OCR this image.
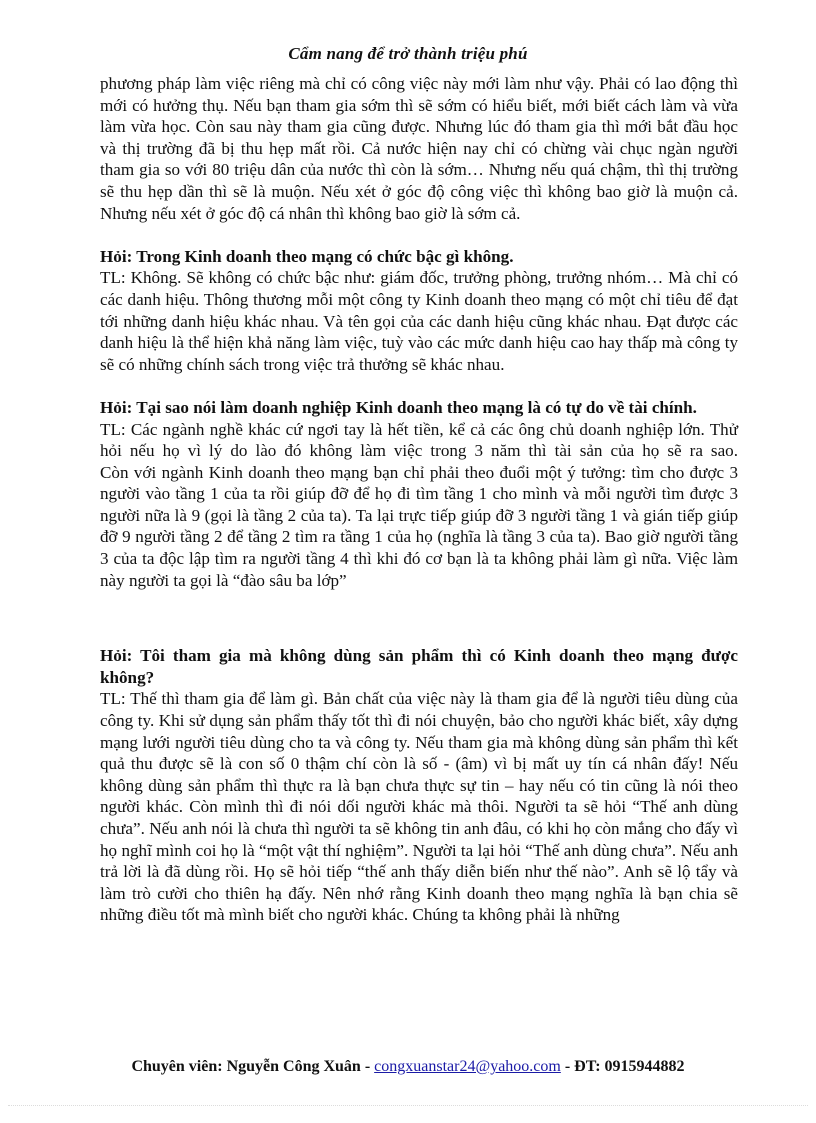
Cẩm nang để trở thành triệu phú

phương pháp làm việc riêng mà chỉ có công việc này mới làm như vậy. Phải có lao động thì mới có hưởng thụ. Nếu bạn tham gia sớm thì sẽ sớm có hiểu biết, mới biết cách làm và vừa làm vừa học. Còn sau này tham gia cũng được. Nhưng lúc đó tham gia thì mới bắt đầu học và thị trường đã bị thu hẹp mất rồi. Cả nước hiện nay chỉ có chừng vài chục ngàn người tham gia so với 80 triệu dân của nước thì còn là sớm… Nhưng nếu quá chậm, thì thị trường sẽ thu hẹp dần thì sẽ là muộn. Nếu xét ở góc độ công việc thì không bao giờ là muộn cả. Nhưng nếu xét ở góc độ cá nhân thì không bao giờ là sớm cả.

Hỏi: Trong Kinh doanh theo mạng có chức bậc gì không.

TL: Không. Sẽ không có chức bậc như: giám đốc, trưởng phòng, trưởng nhóm… Mà chỉ có các danh hiệu. Thông thương mỗi một công ty Kinh doanh theo mạng có một chỉ tiêu để đạt tới những danh hiệu khác nhau. Và tên gọi của các danh hiệu cũng khác nhau. Đạt được các danh hiệu là thể hiện khả năng làm việc, tuỳ vào các mức danh hiệu cao hay thấp mà công ty sẽ có những chính sách trong việc trả thưởng sẽ khác nhau.

Hỏi: Tại sao nói làm doanh nghiệp Kinh doanh theo mạng là có tự do về tài chính.

TL: Các ngành nghề khác cứ ngơi tay là hết tiền, kể cả các ông chủ doanh nghiệp lớn. Thử hỏi nếu họ vì lý do lào đó không làm việc trong 3 năm thì tài sản của họ sẽ ra sao.

Còn với ngành Kinh doanh theo mạng bạn chỉ phải theo đuổi một ý tưởng: tìm cho được 3 người vào tầng 1 của ta rồi giúp đỡ để họ đi tìm tầng 1 cho mình và mỗi người tìm được 3 người nữa là 9 (gọi là tầng 2 của ta). Ta lại trực tiếp giúp đỡ 3 người tầng 1 và gián tiếp giúp đỡ 9 người tầng 2 để tầng 2 tìm ra tầng 1 của họ (nghĩa là tầng 3 của ta). Bao giờ người tầng 3 của ta độc lập tìm ra người tầng 4 thì khi đó cơ bạn là ta không phải làm gì nữa. Việc làm này người ta gọi là “đào sâu ba lớp”

Hỏi: Tôi tham gia mà không dùng sản phẩm thì có Kinh doanh theo mạng được không?

TL: Thế thì tham gia để làm gì. Bản chất của việc này là tham gia để là người tiêu dùng của công ty. Khi sử dụng sản phẩm thấy tốt thì đi nói chuyện, bảo cho người khác biết, xây dựng mạng lưới người tiêu dùng cho ta và công ty. Nếu tham gia mà không dùng sản phẩm thì kết quả thu được sẽ là con số 0 thậm chí còn là số - (âm) vì bị mất uy tín cá nhân đấy! Nếu không dùng sản phẩm thì thực ra là bạn chưa thực sự tin – hay nếu có tin cũng là nói theo người khác. Còn mình thì đi nói dối người khác mà thôi. Người ta sẽ hỏi “Thế anh dùng chưa”. Nếu anh nói là chưa thì người ta sẽ không tin anh đâu, có khi họ còn mắng cho đấy vì họ nghĩ mình coi họ là “một vật thí nghiệm”. Người ta lại hỏi “Thế anh dùng chưa”. Nếu anh trả lời là đã dùng rồi. Họ sẽ hỏi tiếp “thế anh thấy diễn biến như thế nào”. Anh sẽ lộ tẩy và làm trò cười cho thiên hạ đấy. Nên nhớ rằng Kinh doanh theo mạng nghĩa là bạn chia sẽ những điều tốt mà mình biết cho người khác. Chúng ta không phải là những

Chuyên viên: Nguyễn Công Xuân - congxuanstar24@yahoo.com - ĐT: 0915944882
